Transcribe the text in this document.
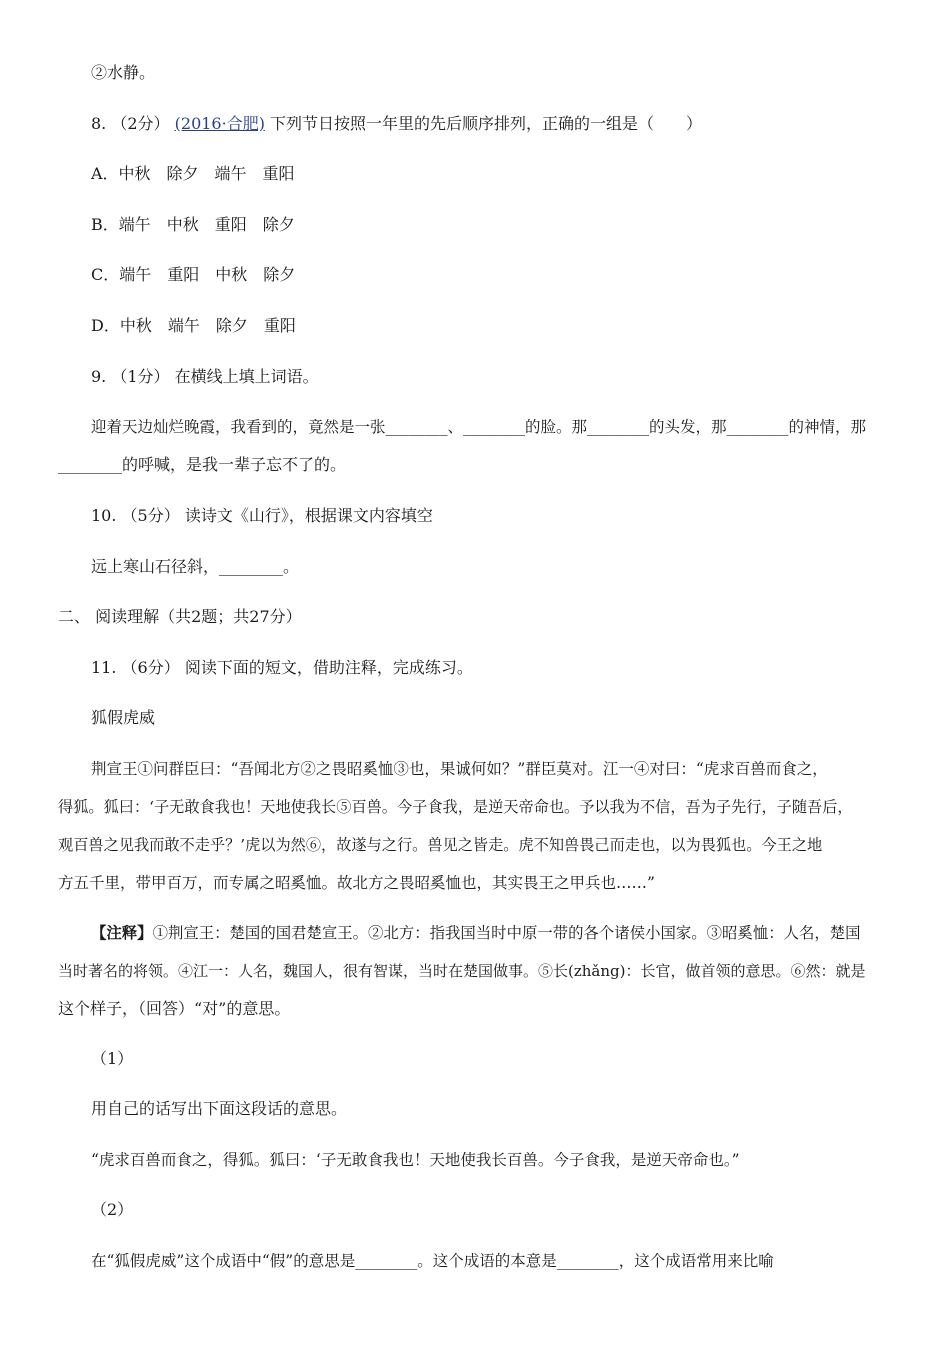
②水静。
8. （2分） (2016·合肥) 下列节日按照一年里的先后顺序排列，正确的一组是（　　）
A．中秋　除夕　端午　重阳
B．端午　中秋　重阳　除夕
C．端午　重阳　中秋　除夕
D．中秋　端午　除夕　重阳
9. （1分） 在横线上填上词语。
迎着天边灿烂晚霞，我看到的，竟然是一张________、________的脸。那________的头发，那________的神情，那
________的呼喊，是我一辈子忘不了的。
10. （5分） 读诗文《山行》，根据课文内容填空
远上寒山石径斜，________。
二、 阅读理解（共2题；共27分）
11. （6分） 阅读下面的短文，借助注释，完成练习。
狐假虎威
荆宣王①问群臣曰：“吾闻北方②之畏昭奚恤③也，果诚何如？”群臣莫对。江一④对曰：“虎求百兽而食之，
得狐。狐曰：‘子无敢食我也！天地使我长⑤百兽。今子食我，是逆天帝命也。予以我为不信，吾为子先行，子随吾后，
观百兽之见我而敢不走乎？’虎以为然⑥，故遂与之行。兽见之皆走。虎不知兽畏己而走也，以为畏狐也。今王之地
方五千里，带甲百万，而专属之昭奚恤。故北方之畏昭奚恤也，其实畏王之甲兵也……”
【注释】①荆宣王：楚国的国君楚宣王。②北方：指我国当时中原一带的各个诸侯小国家。③昭奚恤：人名，楚国
当时著名的将领。④江一：人名，魏国人，很有智谋，当时在楚国做事。⑤长(zhǎng)：长官，做首领的意思。⑥然：就是
这个样子，（回答）“对”的意思。
（1）
用自己的话写出下面这段话的意思。
“虎求百兽而食之，得狐。狐曰：‘子无敢食我也！天地使我长百兽。今子食我，是逆天帝命也。”
（2）
在“狐假虎威”这个成语中“假”的意思是________。这个成语的本意是________，这个成语常用来比喻
